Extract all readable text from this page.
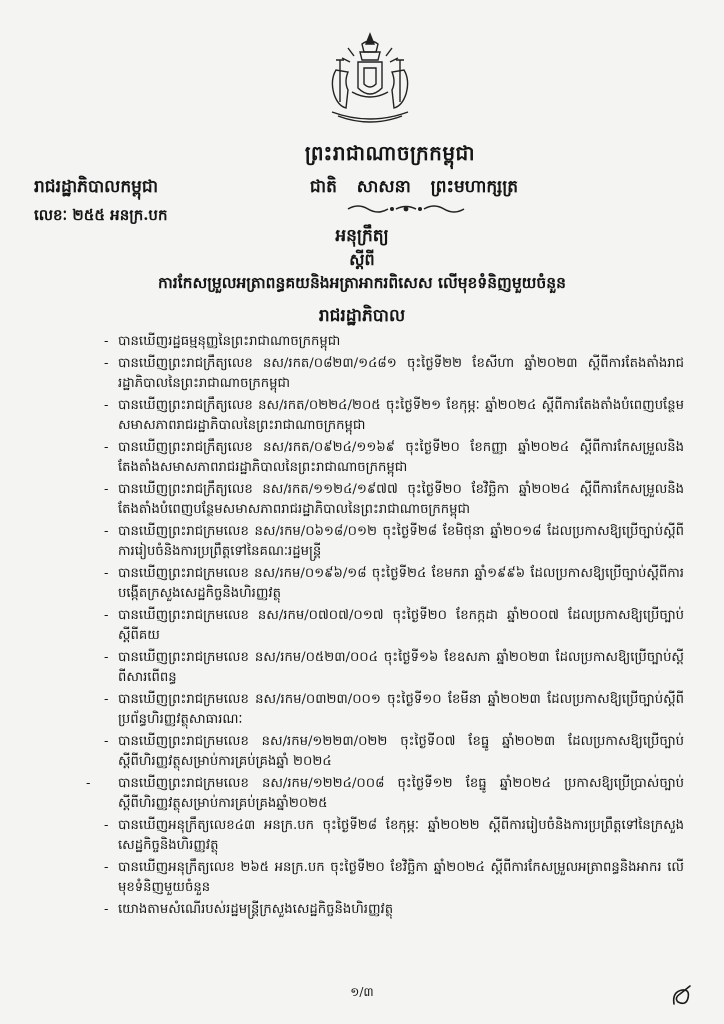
ព្រះរាជាណាចក្រកម្ពុជា
រាជរដ្ឋាភិបាលកម្ពុជា	ជាតិ សាសនា ព្រះមហាក្សត្រ
លេខៈ ២៥៥ អនក្រ.បក
អនុក្រឹត្យ
ស្តីពី
ការកែសម្រួលអត្រាពន្ធគយនិងអត្រាអាករពិសេស លើមុខទំនិញមួយចំនួន
រាជរដ្ឋាភិបាល
- បានឃើញរដ្ឋធម្មនុញ្ញនៃព្រះរាជាណាចក្រកម្ពុជា
- បានឃើញព្រះរាជក្រឹត្យលេខ នស/រកត/០៨២៣/១៤៨១ ចុះថ្ងៃទី២២ ខែសីហា ឆ្នាំ២០២៣ ស្តីពីការតែងតាំងរាជរដ្ឋាភិបាលនៃព្រះរាជាណាចក្រកម្ពុជា
- បានឃើញព្រះរាជក្រឹត្យលេខ នស/រកត/០២២៤/២០៥ ចុះថ្ងៃទី២១ ខែកុម្ភៈ ឆ្នាំ២០២៤ ស្តីពីការតែងតាំងបំពេញបន្ថែមសមាសភាពរាជរដ្ឋាភិបាលនៃព្រះរាជាណាចក្រកម្ពុជា
- បានឃើញព្រះរាជក្រឹត្យលេខ នស/រកត/០៩២៤/១១៦៩ ចុះថ្ងៃទី២០ ខែកញ្ញា ឆ្នាំ២០២៤ ស្តីពីការកែសម្រួលនិងតែងតាំងសមាសភាពរាជរដ្ឋាភិបាលនៃព្រះរាជាណាចក្រកម្ពុជា
- បានឃើញព្រះរាជក្រឹត្យលេខ នស/រកត/១១២៤/១៩៧៧ ចុះថ្ងៃទី២០ ខែវិច្ឆិកា ឆ្នាំ២០២៤ ស្តីពីការកែសម្រួលនិងតែងតាំងបំពេញបន្ថែមសមាសភាពរាជរដ្ឋាភិបាលនៃព្រះរាជាណាចក្រកម្ពុជា
- បានឃើញព្រះរាជក្រមលេខ នស/រកម/០៦១៨/០១២ ចុះថ្ងៃទី២៨ ខែមិថុនា ឆ្នាំ២០១៨ ដែលប្រកាសឱ្យប្រើច្បាប់ស្តីពីការរៀបចំនិងការប្រព្រឹត្តទៅនៃគណៈរដ្ឋមន្ត្រី
- បានឃើញព្រះរាជក្រមលេខ នស/រកម/០១៩៦/១៨ ចុះថ្ងៃទី២៤ ខែមករា ឆ្នាំ១៩៩៦ ដែលប្រកាសឱ្យប្រើច្បាប់ស្តីពីការបង្កើតក្រសួងសេដ្ឋកិច្ចនិងហិរញ្ញវត្ថុ
- បានឃើញព្រះរាជក្រមលេខ នស/រកម/០៧០៧/០១៧ ចុះថ្ងៃទី២០ ខែកក្កដា ឆ្នាំ២០០៧ ដែលប្រកាសឱ្យប្រើច្បាប់ស្តីពីគយ
- បានឃើញព្រះរាជក្រមលេខ នស/រកម/០៥២៣/០០៤ ចុះថ្ងៃទី១៦ ខែឧសភា ឆ្នាំ២០២៣ ដែលប្រកាសឱ្យប្រើច្បាប់ស្តីពីសារពើពន្ធ
- បានឃើញព្រះរាជក្រមលេខ នស/រកម/០៣២៣/០០១ ចុះថ្ងៃទី១០ ខែមីនា ឆ្នាំ២០២៣ ដែលប្រកាសឱ្យប្រើច្បាប់ស្តីពីប្រព័ន្ធហិរញ្ញវត្ថុសាធារណៈ
- បានឃើញព្រះរាជក្រមលេខ នស/រកម/១២២៣/០២២ ចុះថ្ងៃទី០៧ ខែធ្នូ ឆ្នាំ២០២៣ ដែលប្រកាសឱ្យប្រើច្បាប់ស្តីពីហិរញ្ញវត្ថុសម្រាប់ការគ្រប់គ្រងឆ្នាំ ២០២៤
- បានឃើញព្រះរាជក្រមលេខ នស/រកម/១២២៤/០០៨ ចុះថ្ងៃទី១២ ខែធ្នូ ឆ្នាំ២០២៤ ប្រកាសឱ្យប្រើប្រាស់ច្បាប់ស្តីពីហិរញ្ញវត្ថុសម្រាប់ការគ្រប់គ្រងឆ្នាំ២០២៥
- បានឃើញអនុក្រឹត្យលេខ៤៣ អនក្រ.បក ចុះថ្ងៃទី២៨ ខែកុម្ភៈ ឆ្នាំ២០២២ ស្តីពីការរៀបចំនិងការប្រព្រឹត្តទៅនៃក្រសួងសេដ្ឋកិច្ចនិងហិរញ្ញវត្ថុ
- បានឃើញអនុក្រឹត្យលេខ ២៦៥ អនក្រ.បក ចុះថ្ងៃទី២០ ខែវិច្ឆិកា ឆ្នាំ២០២៤ ស្តីពីការកែសម្រួលអត្រាពន្ធនិងអាករ លើមុខទំនិញមួយចំនួន
- យោងតាមសំណើរបស់រដ្ឋមន្ត្រីក្រសួងសេដ្ឋកិច្ចនិងហិរញ្ញវត្ថុ
១/៣
